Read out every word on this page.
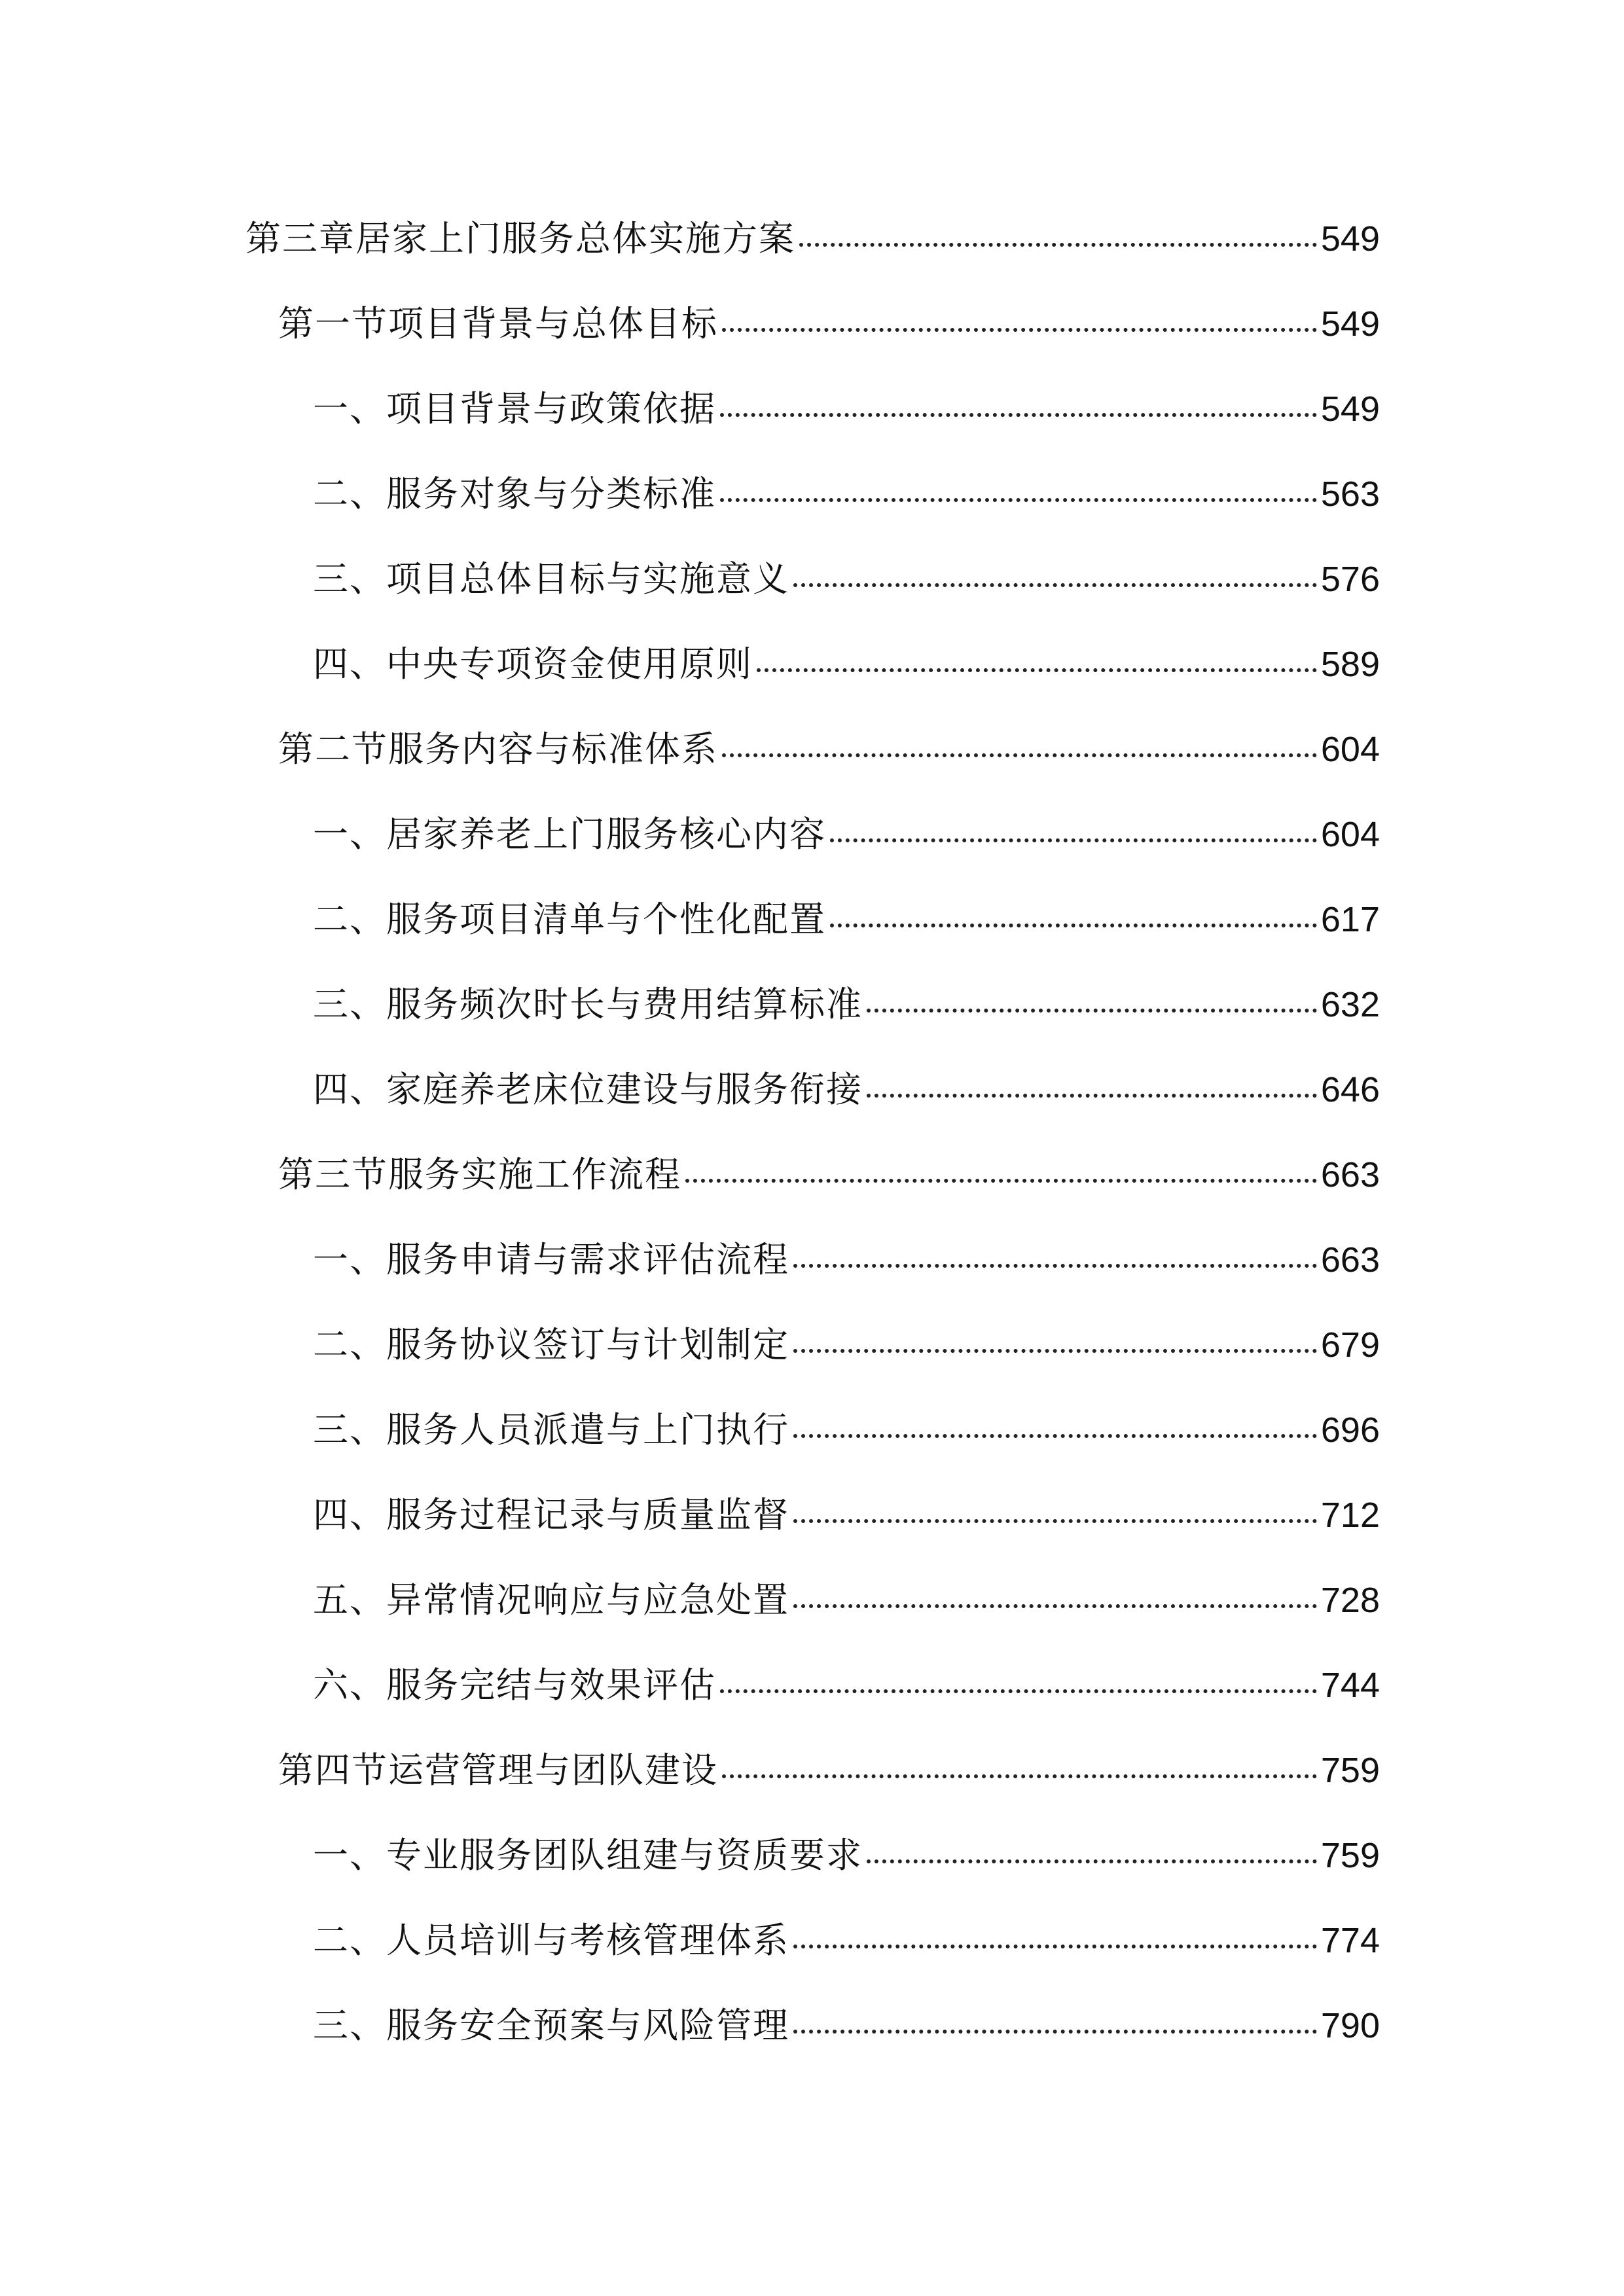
第三章居家上门服务总体实施方案	549
第一节项目背景与总体目标	549
一、项目背景与政策依据	549
二、服务对象与分类标准	563
三、项目总体目标与实施意义	576
四、中央专项资金使用原则	589
第二节服务内容与标准体系	604
一、居家养老上门服务核心内容	604
二、服务项目清单与个性化配置	617
三、服务频次时长与费用结算标准	632
四、家庭养老床位建设与服务衔接	646
第三节服务实施工作流程	663
一、服务申请与需求评估流程	663
二、服务协议签订与计划制定	679
三、服务人员派遣与上门执行	696
四、服务过程记录与质量监督	712
五、异常情况响应与应急处置	728
六、服务完结与效果评估	744
第四节运营管理与团队建设	759
一、专业服务团队组建与资质要求	759
二、人员培训与考核管理体系	774
三、服务安全预案与风险管理	790
